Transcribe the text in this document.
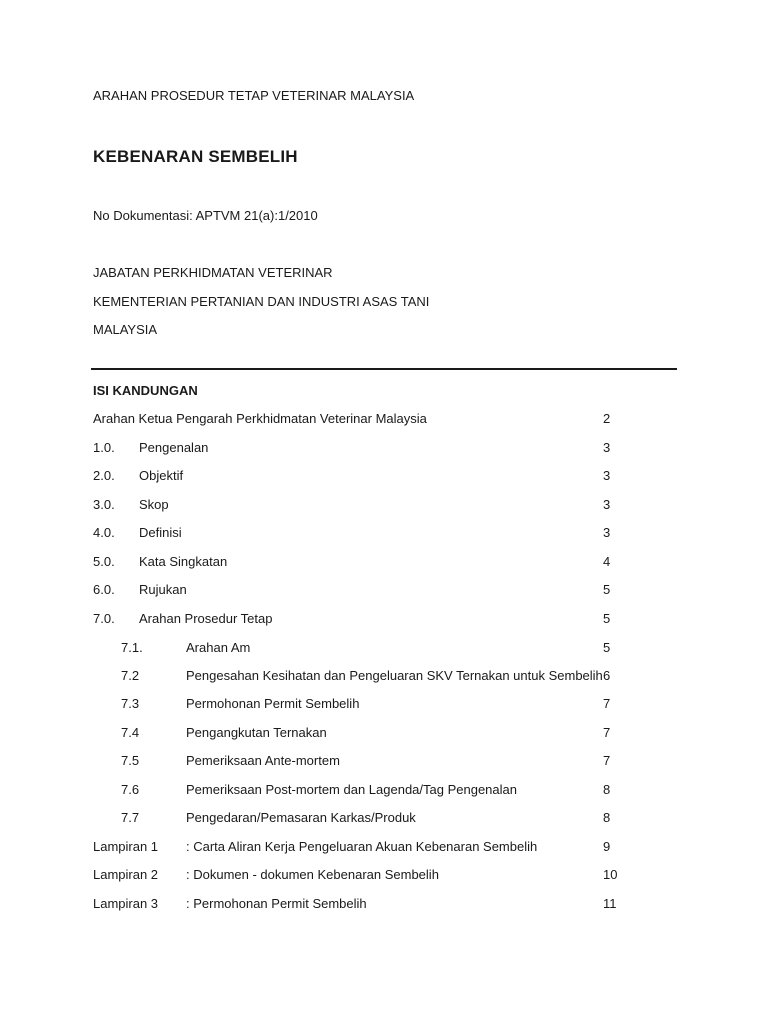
ARAHAN PROSEDUR TETAP VETERINAR MALAYSIA
KEBENARAN SEMBELIH
No Dokumentasi: APTVM 21(a):1/2010
JABATAN PERKHIDMATAN VETERINAR
KEMENTERIAN PERTANIAN DAN INDUSTRI ASAS TANI
MALAYSIA
ISI KANDUNGAN
Arahan Ketua Pengarah Perkhidmatan Veterinar Malaysia	2
1.0. Pengenalan	3
2.0. Objektif	3
3.0. Skop	3
4.0. Definisi	3
5.0. Kata Singkatan	4
6.0. Rujukan	5
7.0. Arahan Prosedur Tetap	5
7.1.	Arahan Am	5
7.2	Pengesahan Kesihatan dan Pengeluaran SKV Ternakan untuk Sembelih 6
7.3	Permohonan Permit Sembelih	7
7.4	Pengangkutan Ternakan	7
7.5	Pemeriksaan Ante-mortem	7
7.6	Pemeriksaan Post-mortem dan Lagenda/Tag Pengenalan	8
7.7	Pengedaran/Pemasaran Karkas/Produk	8
Lampiran 1 : Carta Aliran Kerja Pengeluaran Akuan Kebenaran Sembelih	9
Lampiran 2 : Dokumen - dokumen Kebenaran Sembelih	10
Lampiran 3 : Permohonan Permit Sembelih	11
